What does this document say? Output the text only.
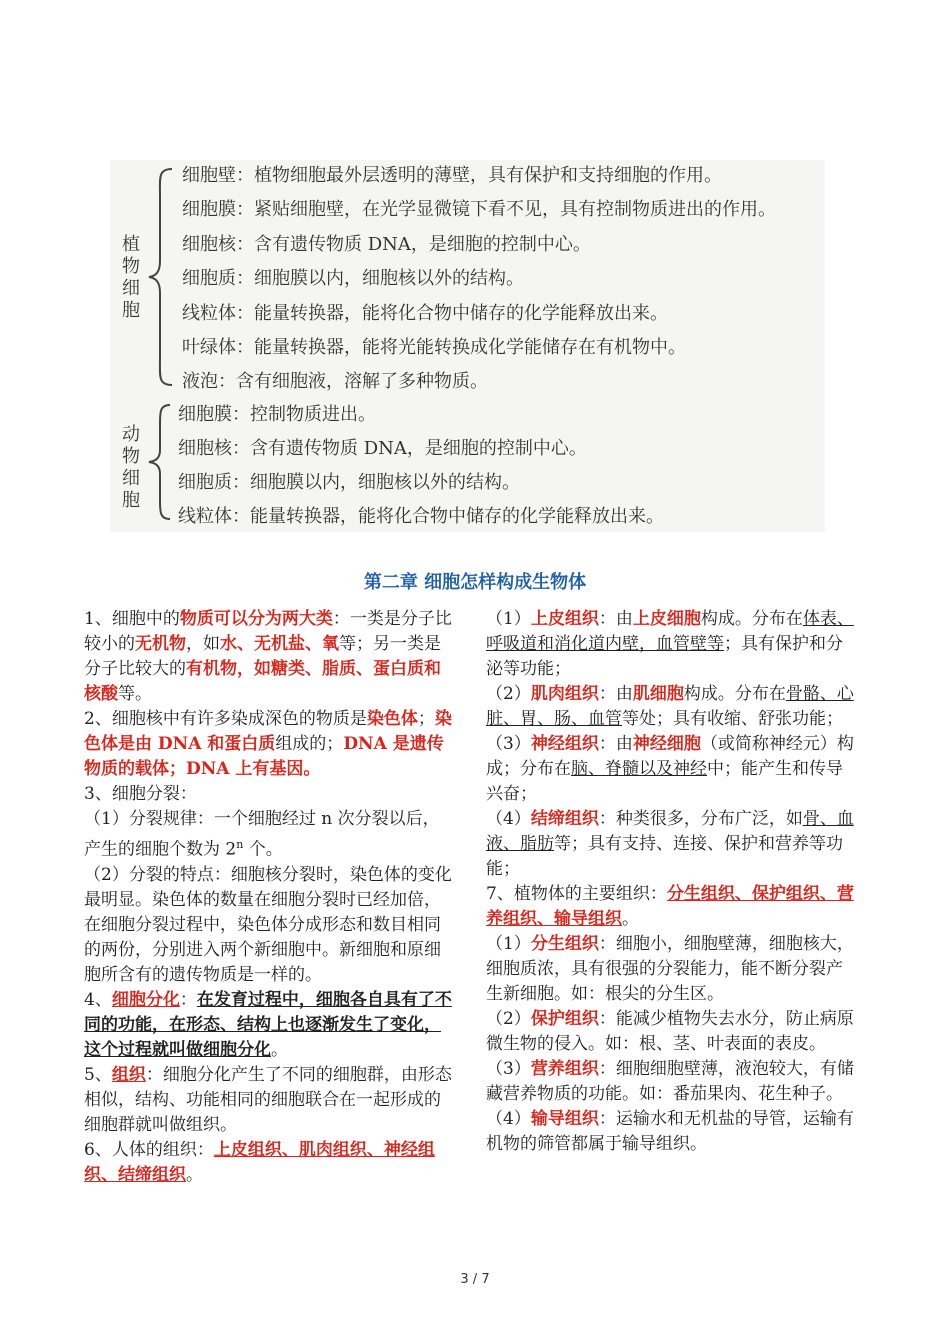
植
物
细
胞
细胞壁：植物细胞最外层透明的薄壁，具有保护和支持细胞的作用。
细胞膜：紧贴细胞壁，在光学显微镜下看不见，具有控制物质进出的作用。
细胞核：含有遗传物质 DNA，是细胞的控制中心。
细胞质：细胞膜以内，细胞核以外的结构。
线粒体：能量转换器，能将化合物中储存的化学能释放出来。
叶绿体：能量转换器，能将光能转换成化学能储存在有机物中。
液泡：含有细胞液，溶解了多种物质。
动
物
细
胞
细胞膜：控制物质进出。
细胞核：含有遗传物质 DNA，是细胞的控制中心。
细胞质：细胞膜以内，细胞核以外的结构。
线粒体：能量转换器，能将化合物中储存的化学能释放出来。
第二章 细胞怎样构成生物体

1、细胞中的物质可以分为两大类：一类是分子比较小的无机物，如水、无机盐、氧等；另一类是分子比较大的有机物，如糖类、脂质、蛋白质和核酸等。

2、细胞核中有许多染成深色的物质是染色体；染色体是由 DNA 和蛋白质组成的；DNA 是遗传物质的载体；DNA 上有基因。

3、细胞分裂：

（1）分裂规律：一个细胞经过 n 次分裂以后，产生的细胞个数为 2$^n$ 个。

（2）分裂的特点：细胞核分裂时，染色体的变化最明显。染色体的数量在细胞分裂时已经加倍，在细胞分裂过程中，染色体分成形态和数目相同的两份，分别进入两个新细胞中。新细胞和原细胞所含有的遗传物质是一样的。

4、细胞分化：在发育过程中，细胞各自具有了不同的功能，在形态、结构上也逐渐发生了变化，这个过程就叫做细胞分化。

5、组织：细胞分化产生了不同的细胞群，由形态相似，结构、功能相同的细胞联合在一起形成的细胞群就叫做组织。

6、人体的组织：上皮组织、肌肉组织、神经组织、结缔组织。

（1）上皮组织：由上皮细胞构成。分布在体表、呼吸道和消化道内壁，血管壁等；具有保护和分泌等功能；

（2）肌肉组织：由肌细胞构成。分布在骨骼、心脏、胃、肠、血管等处；具有收缩、舒张功能；

（3）神经组织：由神经细胞（或简称神经元）构成；分布在脑、脊髓以及神经中；能产生和传导兴奋；

（4）结缔组织：种类很多，分布广泛，如骨、血液、脂肪等；具有支持、连接、保护和营养等功能；

7、植物体的主要组织：分生组织、保护组织、营养组织、输导组织。

（1）分生组织：细胞小，细胞壁薄，细胞核大，细胞质浓，具有很强的分裂能力，能不断分裂产生新细胞。如：根尖的分生区。

（2）保护组织：能减少植物失去水分，防止病原微生物的侵入。如：根、茎、叶表面的表皮。

（3）营养组织：细胞细胞壁薄，液泡较大，有储藏营养物质的功能。如：番茄果肉、花生种子。

（4）输导组织：运输水和无机盐的导管，运输有机物的筛管都属于输导组织。

3 / 7
